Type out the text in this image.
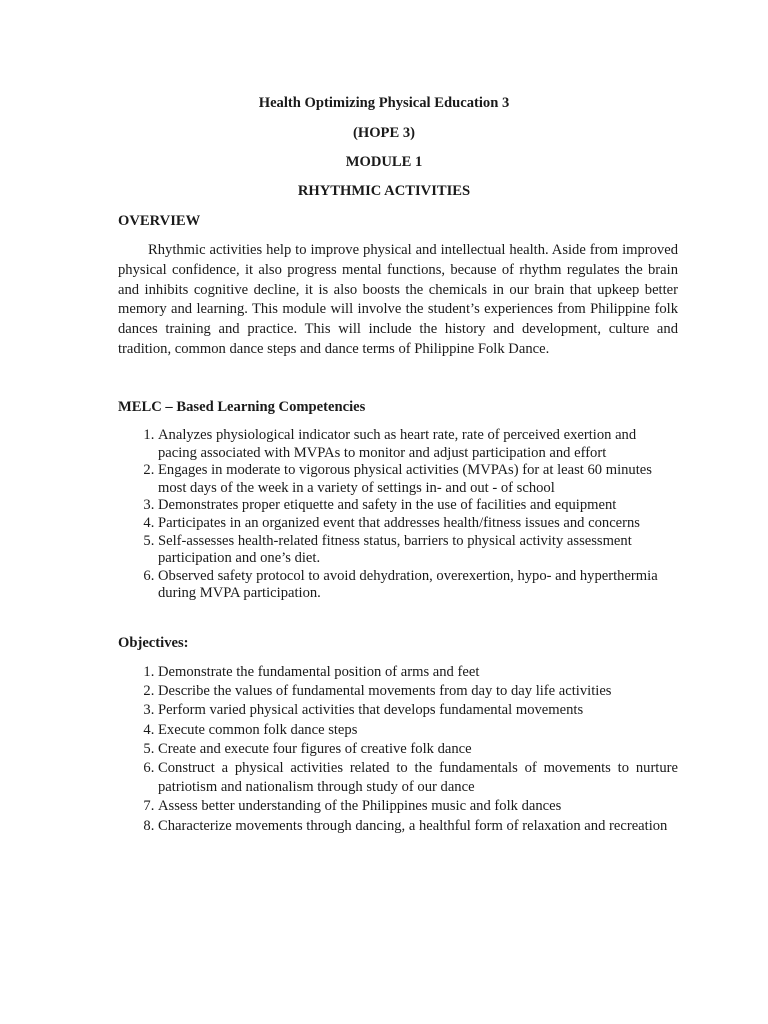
Health Optimizing Physical Education 3
(HOPE 3)
MODULE 1
RHYTHMIC ACTIVITIES
OVERVIEW

Rhythmic activities help to improve physical and intellectual health. Aside from improved physical confidence, it also progress mental functions, because of rhythm regulates the brain and inhibits cognitive decline, it is also boosts the chemicals in our brain that upkeep better memory and learning. This module will involve the student’s experiences from Philippine folk dances training and practice. This will include the history and development, culture and tradition, common dance steps and dance terms of Philippine Folk Dance.

MELC – Based Learning Competencies
1. Analyzes physiological indicator such as heart rate, rate of perceived exertion and pacing associated with MVPAs to monitor and adjust participation and effort
2. Engages in moderate to vigorous physical activities (MVPAs) for at least 60 minutes most days of the week in a variety of settings in- and out - of school
3. Demonstrates proper etiquette and safety in the use of facilities and equipment
4. Participates in an organized event that addresses health/fitness issues and concerns
5. Self-assesses health-related fitness status, barriers to physical activity assessment participation and one’s diet.
6. Observed safety protocol to avoid dehydration, overexertion, hypo- and hyperthermia during MVPA participation.
Objectives:
1. Demonstrate the fundamental position of arms and feet
2. Describe the values of fundamental movements from day to day life activities
3. Perform varied physical activities that develops fundamental movements
4. Execute common folk dance steps
5. Create and execute four figures of creative folk dance
6. Construct a physical activities related to the fundamentals of movements to nurture patriotism and nationalism through study of our dance
7. Assess better understanding of the Philippines music and folk dances
8. Characterize movements through dancing, a healthful form of relaxation and recreation
